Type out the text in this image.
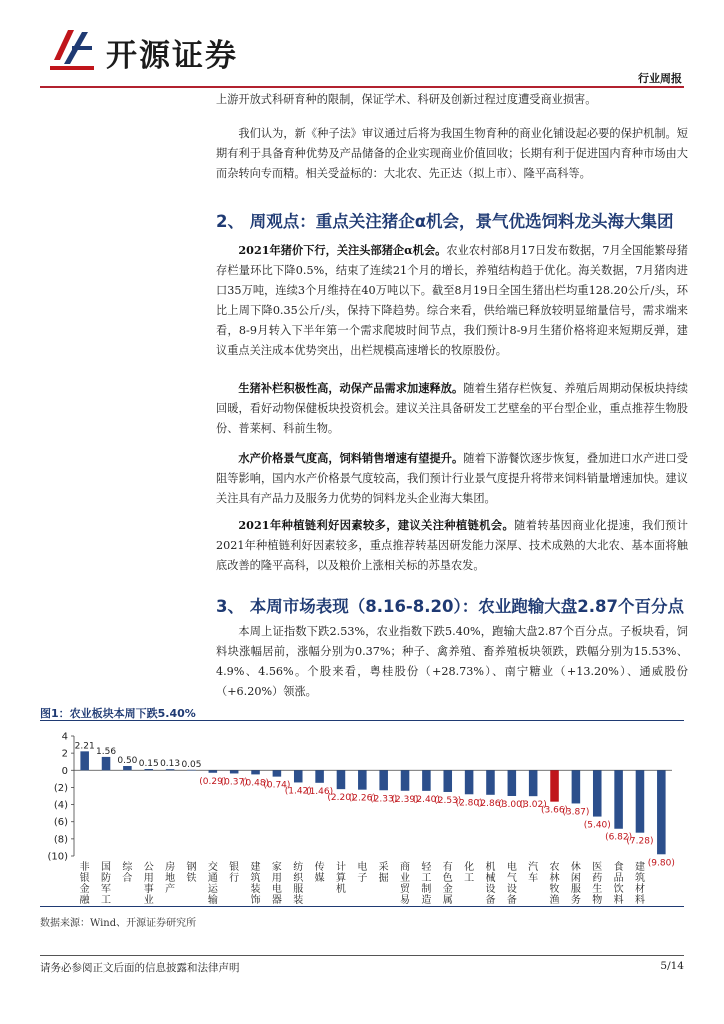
开源证券
行业周报

上游开放式科研育种的限制，保证学术、科研及创新过程过度遭受商业损害。

我们认为，新《种子法》审议通过后将为我国生物育种的商业化铺设起必要的保护机制。短期有利于具备育种优势及产品储备的企业实现商业价值回收；长期有利于促进国内育种市场由大而杂转向专而精。相关受益标的：大北农、先正达（拟上市）、隆平高科等。

2、 周观点：重点关注猪企α机会，景气优选饲料龙头海大集团

2021年猪价下行，关注头部猪企α机会。农业农村部8月17日发布数据，7月全国能繁母猪存栏量环比下降0.5%，结束了连续21个月的增长，养殖结构趋于优化。海关数据，7月猪肉进口35万吨，连续3个月维持在40万吨以下。截至8月19日全国生猪出栏均重128.20公斤/头，环比上周下降0.35公斤/头，保持下降趋势。综合来看，供给端已释放较明显缩量信号，需求端来看，8-9月转入下半年第一个需求爬坡时间节点，我们预计8-9月生猪价格将迎来短期反弹，建议重点关注成本优势突出，出栏规模高速增长的牧原股份。

生猪补栏积极性高，动保产品需求加速释放。随着生猪存栏恢复、养殖后周期动保板块持续回暖，看好动物保健板块投资机会。建议关注具备研发工艺壁垒的平台型企业，重点推荐生物股份、普莱柯、科前生物。

水产价格景气度高，饲料销售增速有望提升。随着下游餐饮逐步恢复，叠加进口水产进口受阻等影响，国内水产价格景气度较高，我们预计行业景气度提升将带来饲料销量增速加快。建议关注具有产品力及服务力优势的饲料龙头企业海大集团。

2021年种植链利好因素较多，建议关注种植链机会。随着转基因商业化提速，我们预计2021年种植链利好因素较多，重点推荐转基因研发能力深厚、技术成熟的大北农、基本面将触底改善的隆平高科，以及粮价上涨相关标的苏垦农发。

3、 本周市场表现（8.16-8.20）：农业跑输大盘2.87个百分点

本周上证指数下跌2.53%，农业指数下跌5.40%，跑输大盘2.87个百分点。子板块看，饲料块涨幅居前，涨幅分别为0.37%；种子、禽养殖、畜养殖板块领跌，跌幅分别为15.53%、4.9%、4.56%。个股来看，粤桂股份（+28.73%）、南宁糖业（+13.20%）、通威股份（+6.20%）领涨。

图1：农业板块本周下跌5.40%
4
2
0
(2)
(4)
(6)
(8)
(10)
2.21
1.56
0.50 0.15 0.13 0.05
(0.29)
(0.37)
(0.48)
(0.74)
(1.42)
(1.46)
(2.20)
(2.26)
(2.33)
(2.39)
(2.40)
(2.53)
(2.80)
(2.86)
(3.00)
(3.02)
(3.66)
(3.87)
(5.40)
(6.82)
(7.28)
(9.80)
非银金融
国防军工
综合
公用事业
房地产
钢铁
交通运输
银行
建筑装饰
家用电器
纺织服装
传媒
计算机
电子
采掘
商业贸易
轻工制造
有色金属
化工
机械设备
电气设备
汽车
农林牧渔
休闲服务
医药生物
食品饮料
建筑材料
数据来源：Wind、开源证券研究所
请务必参阅正文后面的信息披露和法律声明	5/14
